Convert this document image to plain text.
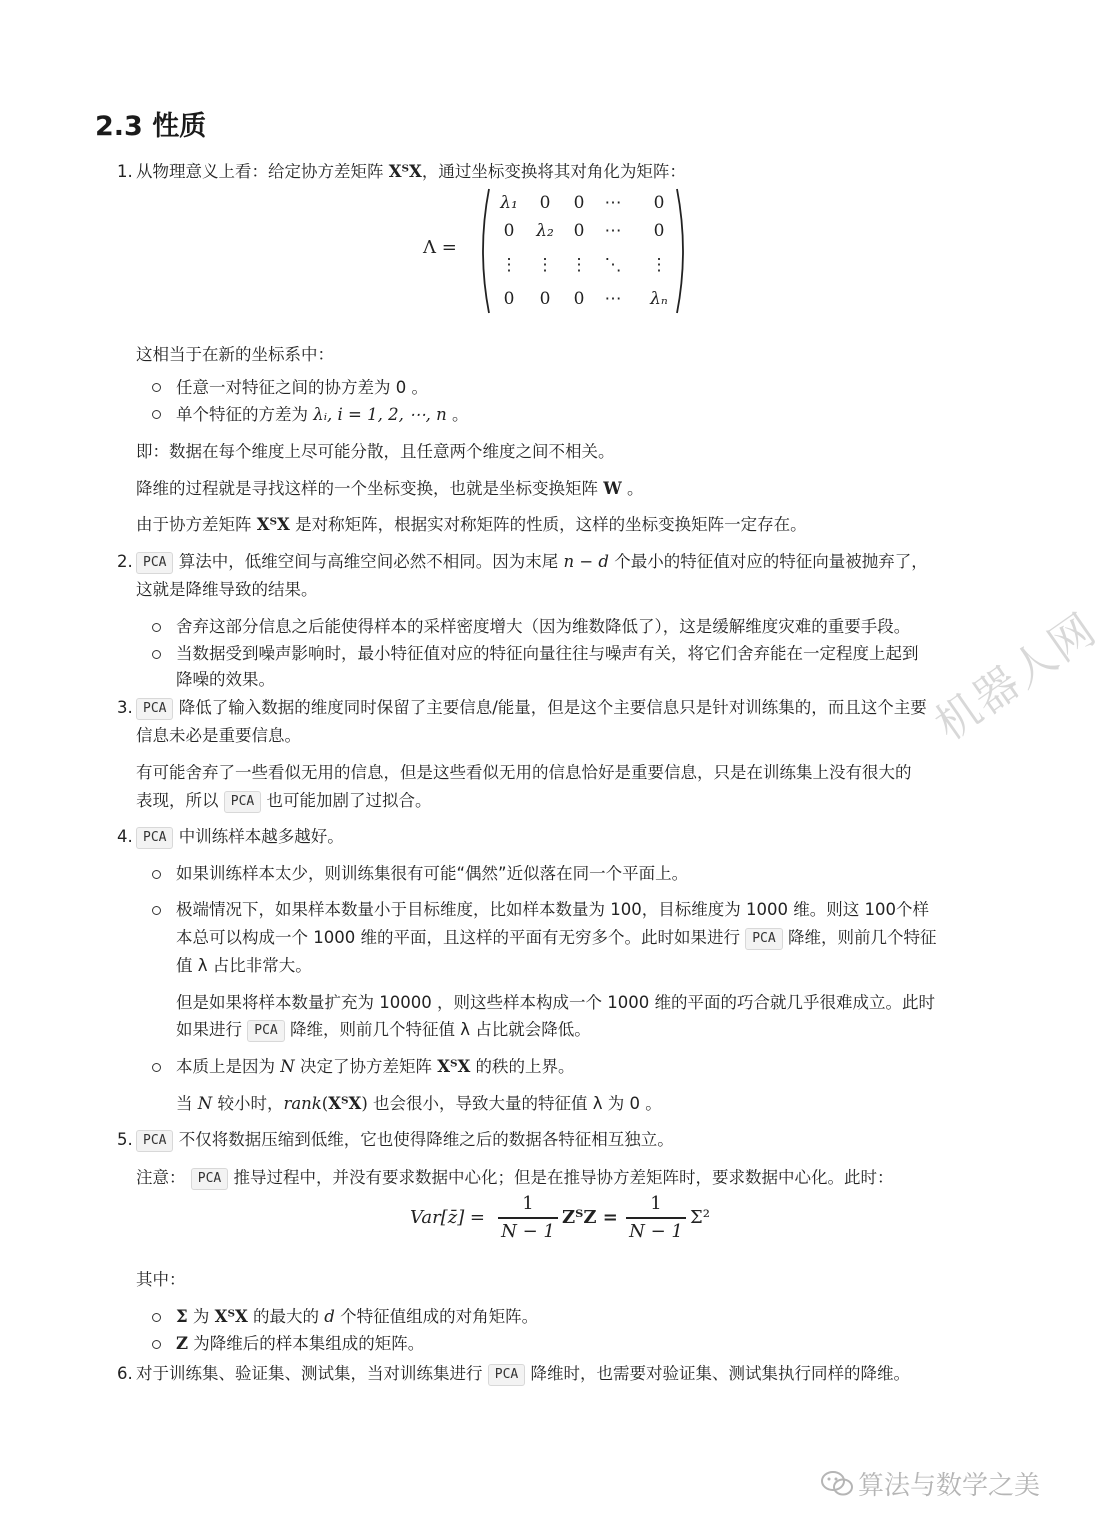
2.3 性质
1. 从物理意义上看：给定协方差矩阵 XᵀX，通过坐标变换将其对角化为矩阵：
Λ =
λ₁	0	0	⋯	0
0	λ₂	0	⋯	0
⋮	⋮	⋮	⋱	⋮
0	0	0	⋯	λₙ
这相当于在新的坐标系中：
任意一对特征之间的协方差为 0 。
单个特征的方差为 λᵢ, i = 1, 2, ⋯, n 。
即：数据在每个维度上尽可能分散，且任意两个维度之间不相关。
降维的过程就是寻找这样的一个坐标变换，也就是坐标变换矩阵 W 。
由于协方差矩阵 XᵀX 是对称矩阵，根据实对称矩阵的性质，这样的坐标变换矩阵一定存在。
2. PCA 算法中，低维空间与高维空间必然不相同。因为末尾 n − d 个最小的特征值对应的特征向量被抛弃了，
这就是降维导致的结果。
舍弃这部分信息之后能使得样本的采样密度增大（因为维数降低了），这是缓解维度灾难的重要手段。
当数据受到噪声影响时，最小特征值对应的特征向量往往与噪声有关，将它们舍弃能在一定程度上起到
降噪的效果。
3. PCA 降低了输入数据的维度同时保留了主要信息/能量，但是这个主要信息只是针对训练集的，而且这个主要
信息未必是重要信息。
有可能舍弃了一些看似无用的信息，但是这些看似无用的信息恰好是重要信息，只是在训练集上没有很大的
表现，所以 PCA 也可能加剧了过拟合。
4. PCA 中训练样本越多越好。
如果训练样本太少，则训练集很有可能“偶然”近似落在同一个平面上。
极端情况下，如果样本数量小于目标维度，比如样本数量为 100，目标维度为 1000 维。则这 100个样
本总可以构成一个 1000 维的平面，且这样的平面有无穷多个。此时如果进行 PCA 降维，则前几个特征
值 λ 占比非常大。
但是如果将样本数量扩充为 10000 ，则这些样本构成一个 1000 维的平面的巧合就几乎很难成立。此时
如果进行 PCA 降维，则前几个特征值 λ 占比就会降低。
本质上是因为 N 决定了协方差矩阵 XᵀX 的秩的上界。
当 N 较小时，rank(XᵀX) 也会很小，导致大量的特征值 λ 为 0 。
5. PCA 不仅将数据压缩到低维，它也使得降维之后的数据各特征相互独立。
注意： PCA 推导过程中，并没有要求数据中心化；但是在推导协方差矩阵时，要求数据中心化。此时：
Var[z̄] =
1
N − 1
ZᵀZ =
1
N − 1
Σ²
其中：
Σ 为 XᵀX 的最大的 d 个特征值组成的对角矩阵。
Z 为降维后的样本集组成的矩阵。
6. 对于训练集、验证集、测试集，当对训练集进行 PCA 降维时，也需要对验证集、测试集执行同样的降维。
机器人网
算法与数学之美
